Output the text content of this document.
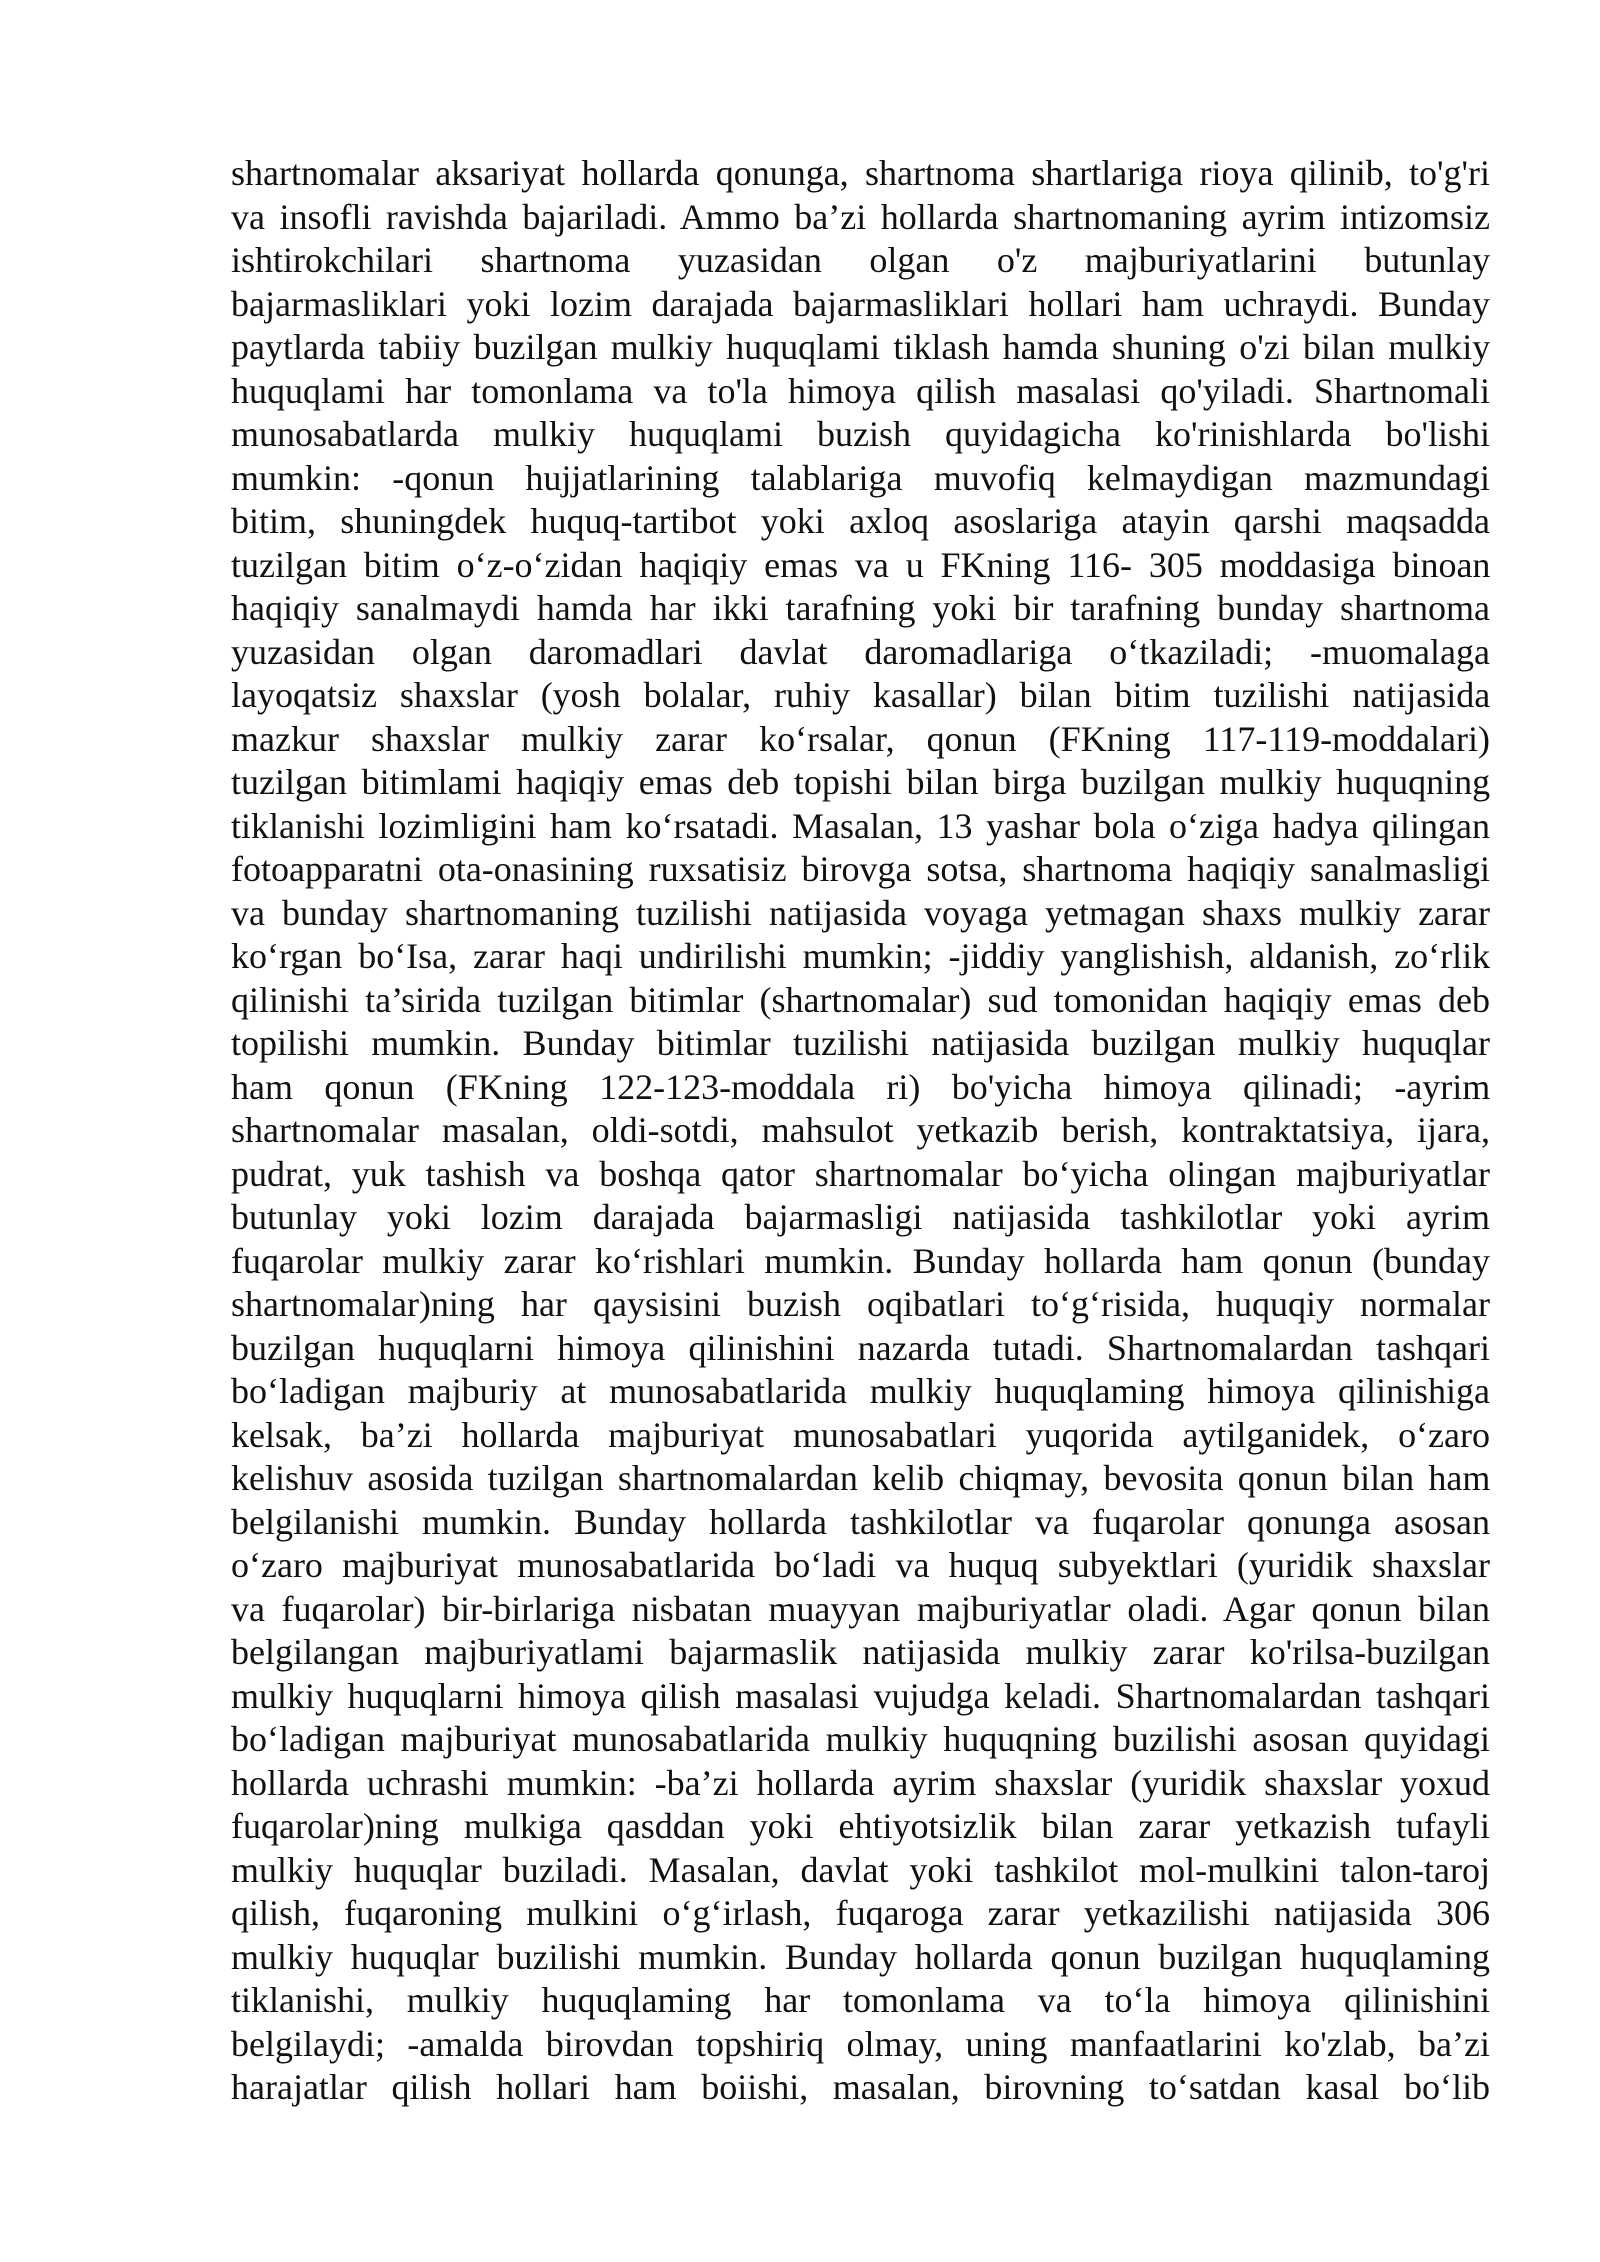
shartnomalar aksariyat hollarda qonunga, shartnoma shartlariga rioya qilinib, to'g'ri
va insofli ravishda bajariladi. Ammo ba’zi hollarda shartnomaning ayrim intizomsiz
ishtirokchilari shartnoma yuzasidan olgan o'z majburiyatlarini butunlay
bajarmasliklari yoki lozim darajada bajarmasliklari hollari ham uchraydi. Bunday
paytlarda tabiiy buzilgan mulkiy huquqlami tiklash hamda shuning o'zi bilan mulkiy
huquqlami har tomonlama va to'la himoya qilish masalasi qo'yiladi. Shartnomali
munosabatlarda mulkiy huquqlami buzish quyidagicha ko'rinishlarda bo'lishi
mumkin: -qonun hujjatlarining talablariga muvofiq kelmaydigan mazmundagi
bitim, shuningdek huquq-tartibot yoki axloq asoslariga atayin qarshi maqsadda
tuzilgan bitim o‘z-o‘zidan haqiqiy emas va u FKning 116- 305 moddasiga binoan
haqiqiy sanalmaydi hamda har ikki tarafning yoki bir tarafning bunday shartnoma
yuzasidan olgan daromadlari davlat daromadlariga o‘tkaziladi; -muomalaga
layoqatsiz shaxslar (yosh bolalar, ruhiy kasallar) bilan bitim tuzilishi natijasida
mazkur shaxslar mulkiy zarar ko‘rsalar, qonun (FKning 117-119-moddalari)
tuzilgan bitimlami haqiqiy emas deb topishi bilan birga buzilgan mulkiy huquqning
tiklanishi lozimligini ham ko‘rsatadi. Masalan, 13 yashar bola o‘ziga hadya qilingan
fotoapparatni ota-onasining ruxsatisiz birovga sotsa, shartnoma haqiqiy sanalmasligi
va bunday shartnomaning tuzilishi natijasida voyaga yetmagan shaxs mulkiy zarar
ko‘rgan bo‘Isa, zarar haqi undirilishi mumkin; -jiddiy yanglishish, aldanish, zo‘rlik
qilinishi ta’sirida tuzilgan bitimlar (shartnomalar) sud tomonidan haqiqiy emas deb
topilishi mumkin. Bunday bitimlar tuzilishi natijasida buzilgan mulkiy huquqlar
ham qonun (FKning 122-123-moddala ri) bo'yicha himoya qilinadi; -ayrim
shartnomalar masalan, oldi-sotdi, mahsulot yetkazib berish, kontraktatsiya, ijara,
pudrat, yuk tashish va boshqa qator shartnomalar bo‘yicha olingan majburiyatlar
butunlay yoki lozim darajada bajarmasligi natijasida tashkilotlar yoki ayrim
fuqarolar mulkiy zarar ko‘rishlari mumkin. Bunday hollarda ham qonun (bunday
shartnomalar)ning har qaysisini buzish oqibatlari to‘g‘risida, huquqiy normalar
buzilgan huquqlarni himoya qilinishini nazarda tutadi. Shartnomalardan tashqari
bo‘ladigan majburiy at munosabatlarida mulkiy huquqlaming himoya qilinishiga
kelsak, ba’zi hollarda majburiyat munosabatlari yuqorida aytilganidek, o‘zaro
kelishuv asosida tuzilgan shartnomalardan kelib chiqmay, bevosita qonun bilan ham
belgilanishi mumkin. Bunday hollarda tashkilotlar va fuqarolar qonunga asosan
o‘zaro majburiyat munosabatlarida bo‘ladi va huquq subyektlari (yuridik shaxslar
va fuqarolar) bir-birlariga nisbatan muayyan majburiyatlar oladi. Agar qonun bilan
belgilangan majburiyatlami bajarmaslik natijasida mulkiy zarar ko'rilsa-buzilgan
mulkiy huquqlarni himoya qilish masalasi vujudga keladi. Shartnomalardan tashqari
bo‘ladigan majburiyat munosabatlarida mulkiy huquqning buzilishi asosan quyidagi
hollarda uchrashi mumkin: -ba’zi hollarda ayrim shaxslar (yuridik shaxslar yoxud
fuqarolar)ning mulkiga qasddan yoki ehtiyotsizlik bilan zarar yetkazish tufayli
mulkiy huquqlar buziladi. Masalan, davlat yoki tashkilot mol-mulkini talon-taroj
qilish, fuqaroning mulkini o‘g‘irlash, fuqaroga zarar yetkazilishi natijasida 306
mulkiy huquqlar buzilishi mumkin. Bunday hollarda qonun buzilgan huquqlaming
tiklanishi, mulkiy huquqlaming har tomonlama va to‘la himoya qilinishini
belgilaydi; -amalda birovdan topshiriq olmay, uning manfaatlarini ko'zlab, ba’zi
harajatlar qilish hollari ham boiishi, masalan, birovning to‘satdan kasal bo‘lib
